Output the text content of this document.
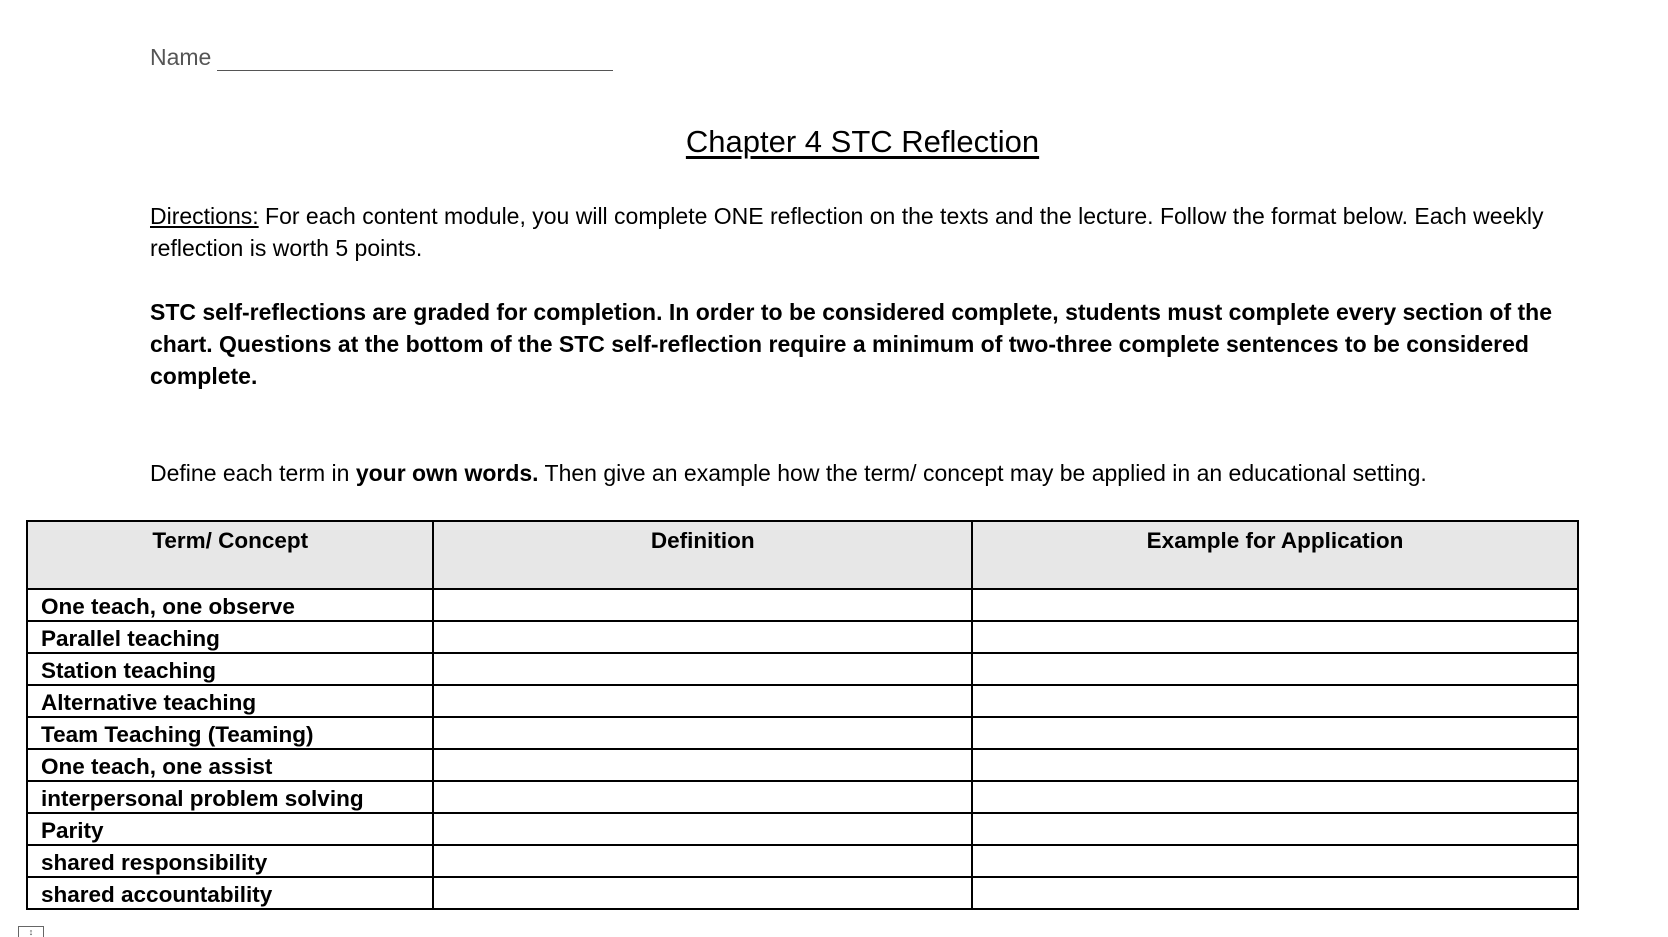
Name
Chapter 4 STC Reflection
Directions: For each content module, you will complete ONE reflection on the texts and the lecture. Follow the format below. Each weekly reflection is worth 5 points.
STC self-reflections are graded for completion. In order to be considered complete, students must complete every section of the chart. Questions at the bottom of the STC self-reflection require a minimum of two-three complete sentences to be considered complete.
Define each term in your own words. Then give an example how the term/ concept may be applied in an educational setting.
Term/ Concept	Definition	Example for Application
One teach, one observe		
Parallel teaching		
Station teaching		
Alternative teaching		
Team Teaching (Teaming)		
One teach, one assist		
interpersonal problem solving		
Parity		
shared responsibility		
shared accountability		
↕
